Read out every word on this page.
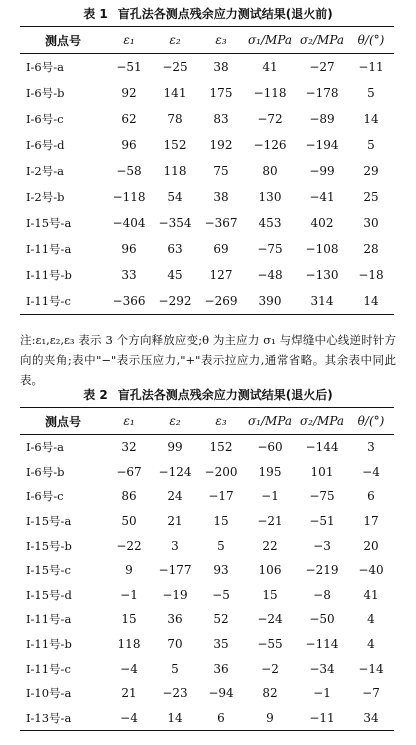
表 1 盲孔法各测点残余应力测试结果(退火前)
测点号	ε₁	ε₂	ε₃	σ₁/MPa	σ₂/MPa	θ/(°)
Ⅰ-6号-a	−51	−25	38	41	−27	−11
Ⅰ-6号-b	92	141	175	−118	−178	5
Ⅰ-6号-c	62	78	83	−72	−89	14
Ⅰ-6号-d	96	152	192	−126	−194	5
Ⅰ-2号-a	−58	118	75	80	−99	29
Ⅰ-2号-b	−118	54	38	130	−41	25
Ⅰ-15号-a	−404	−354	−367	453	402	30
Ⅰ-11号-a	96	63	69	−75	−108	28
Ⅰ-11号-b	33	45	127	−48	−130	−18
Ⅰ-11号-c	−366	−292	−269	390	314	14

注:ε₁,ε₂,ε₃ 表示 3 个方向释放应变;θ 为主应力 σ₁ 与焊缝中心线逆时针方向的夹角;表中"−"表示压应力,"+"表示拉应力,通常省略。其余表中同此表。

表 2 盲孔法各测点残余应力测试结果(退火后)
测点号	ε₁	ε₂	ε₃	σ₁/MPa	σ₂/MPa	θ/(°)
Ⅰ-6号-a	32	99	152	−60	−144	3
Ⅰ-6号-b	−67	−124	−200	195	101	−4
Ⅰ-6号-c	86	24	−17	−1	−75	6
Ⅰ-15号-a	50	21	15	−21	−51	17
Ⅰ-15号-b	−22	3	5	22	−3	20
Ⅰ-15号-c	9	−177	93	106	−219	−40
Ⅰ-15号-d	−1	−19	−5	15	−8	41
Ⅰ-11号-a	15	36	52	−24	−50	4
Ⅰ-11号-b	118	70	35	−55	−114	4
Ⅰ-11号-c	−4	5	36	−2	−34	−14
Ⅰ-10号-a	21	−23	−94	82	−1	−7
Ⅰ-13号-a	−4	14	6	9	−11	34
